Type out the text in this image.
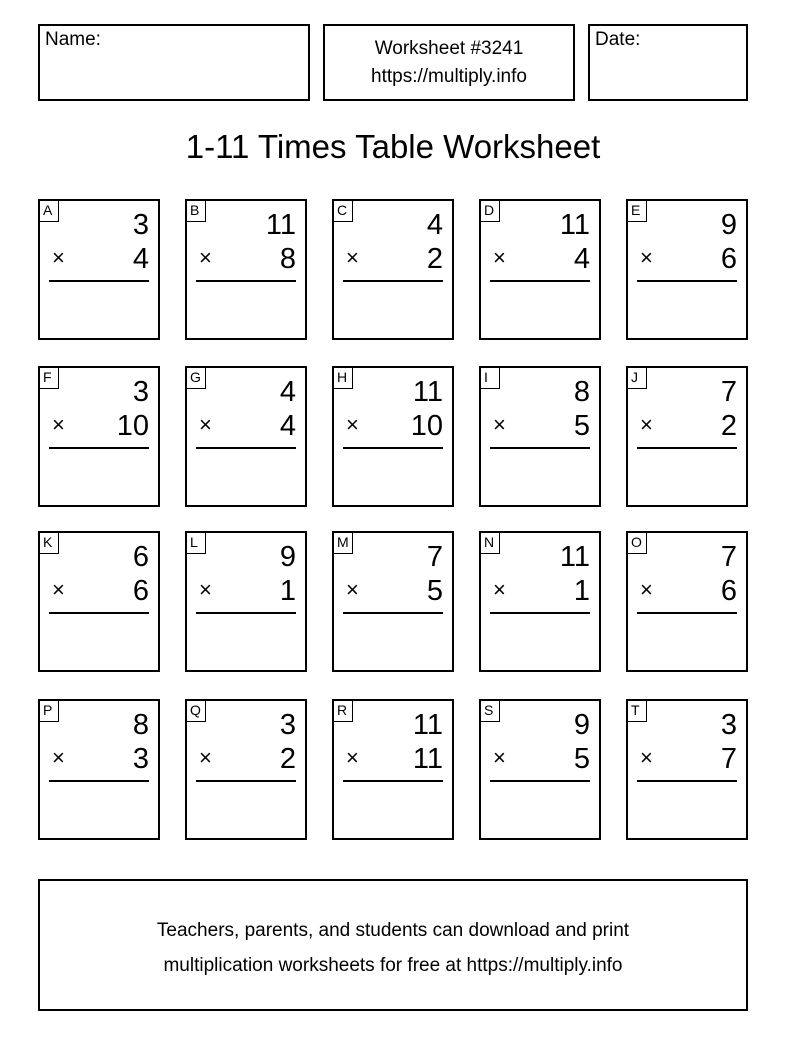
Name:	Worksheet #3241
https://multiply.info
Date:
1-11 Times Table Worksheet
A	3
× 4
B 11
× 8
C	4
× 2
D 11
× 4
E	9
× 6
F	3
× 10
G	4
× 4
H 11
× 10
I	8
× 5
J	7
× 2
K	6
× 6
L	9
× 1
M	7
× 5
N 11
× 1
O	7
× 6
P	8
× 3
Q	3
× 2
R 11
× 11
S	9
× 5
T	3
× 7
Teachers, parents, and students can download and print
multiplication worksheets for free at https://multiply.info
